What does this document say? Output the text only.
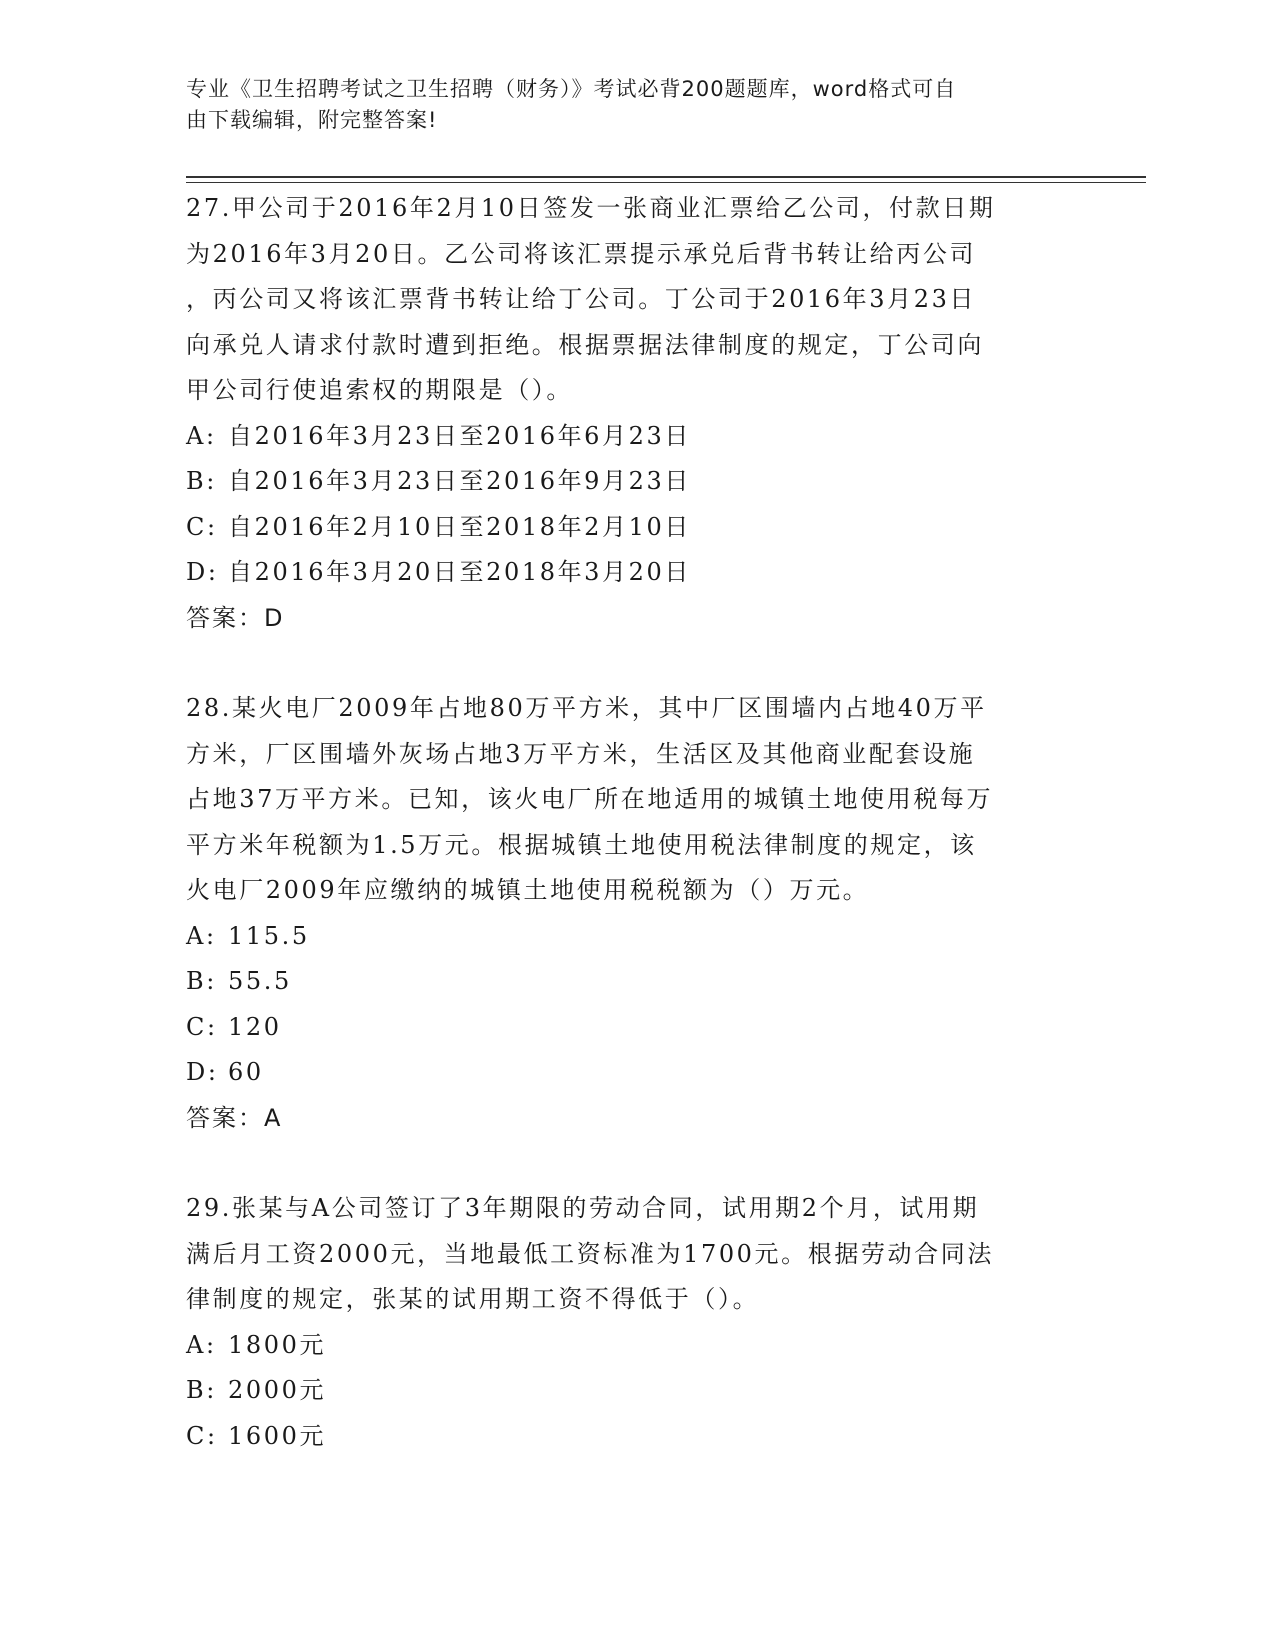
专业《卫生招聘考试之卫生招聘（财务）》考试必背200题题库，word格式可自
由下载编辑，附完整答案!
27.甲公司于2016年2月10日签发一张商业汇票给乙公司，付款日期
为2016年3月20日。乙公司将该汇票提示承兑后背书转让给丙公司
，丙公司又将该汇票背书转让给丁公司。丁公司于2016年3月23日
向承兑人请求付款时遭到拒绝。根据票据法律制度的规定，丁公司向
甲公司行使追索权的期限是（）。
A : 自2016年3月23日至2016年6月23日
B : 自2016年3月23日至2016年9月23日
C : 自2016年2月10日至2018年2月10日
D : 自2016年3月20日至2018年3月20日
答案：D
28.某火电厂2009年占地80万平方米，其中厂区围墙内占地40万平
方米，厂区围墙外灰场占地3万平方米，生活区及其他商业配套设施
占地37万平方米。已知，该火电厂所在地适用的城镇土地使用税每万
平方米年税额为1.5万元。根据城镇土地使用税法律制度的规定，该
火电厂2009年应缴纳的城镇土地使用税税额为（）万元。
A : 115.5
B : 55.5
C : 120
D : 60
答案：A
29.张某与A公司签订了3年期限的劳动合同，试用期2个月，试用期
满后月工资2000元，当地最低工资标准为1700元。根据劳动合同法
律制度的规定，张某的试用期工资不得低于（）。
A : 1800元
B : 2000元
C : 1600元
